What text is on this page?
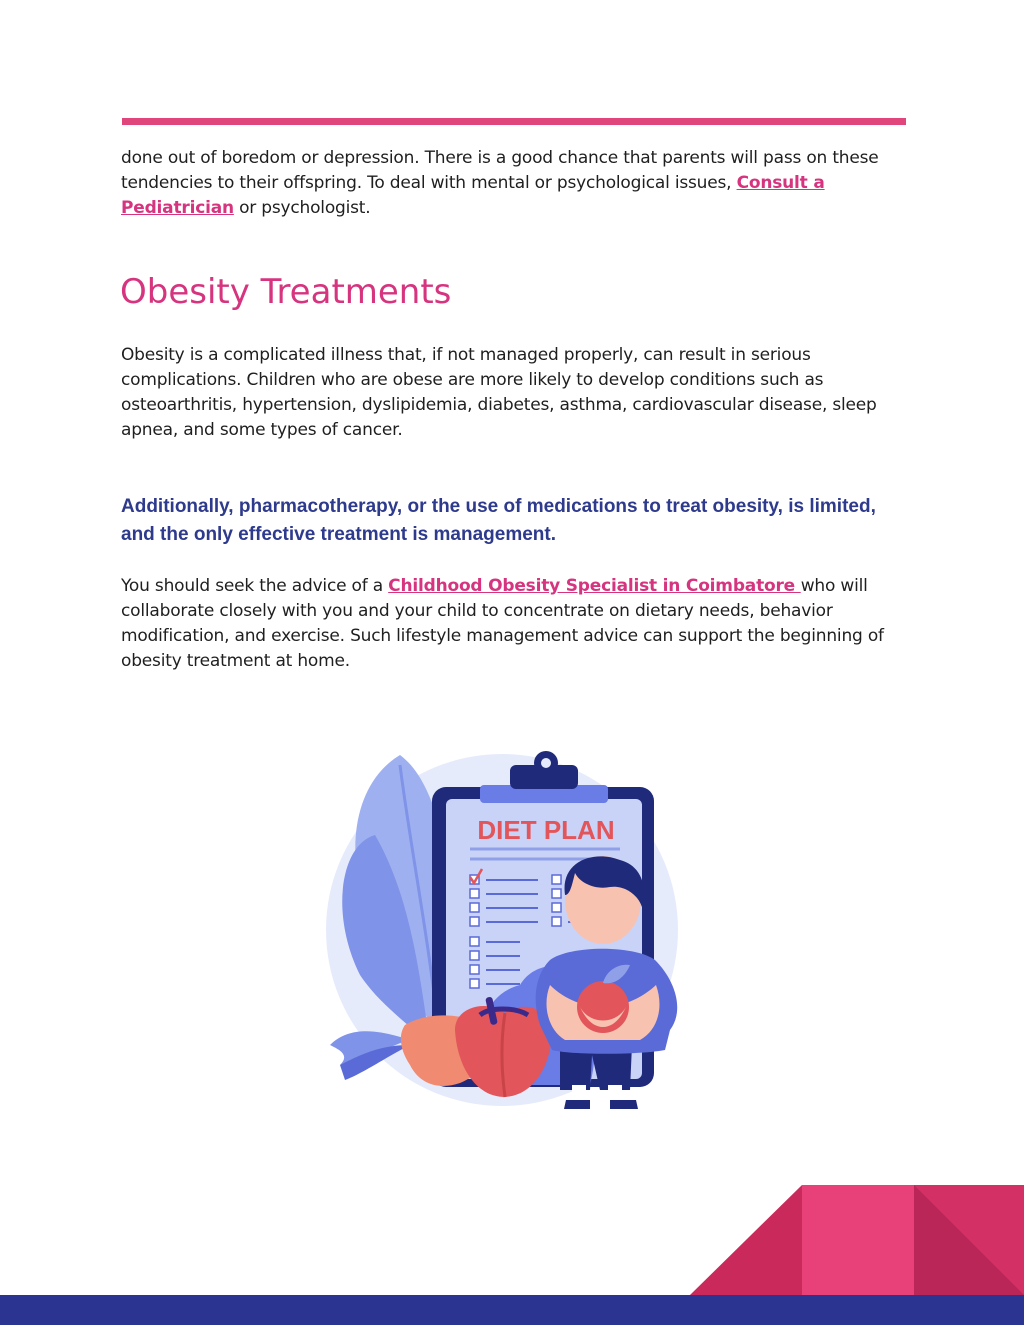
done out of boredom or depression. There is a good chance that parents will pass on these tendencies to their offspring. To deal with mental or psychological issues, Consult a Pediatrician or psychologist.

Obesity Treatments

Obesity is a complicated illness that, if not managed properly, can result in serious complications. Children who are obese are more likely to develop conditions such as osteoarthritis, hypertension, dyslipidemia, diabetes, asthma, cardiovascular disease, sleep apnea, and some types of cancer.

Additionally, pharmacotherapy, or the use of medications to treat obesity, is limited, and the only effective treatment is management.

You should seek the advice of a Childhood Obesity Specialist in Coimbatore who will collaborate closely with you and your child to concentrate on dietary needs, behavior modification, and exercise. Such lifestyle management advice can support the beginning of obesity treatment at home.

DIET PLAN
